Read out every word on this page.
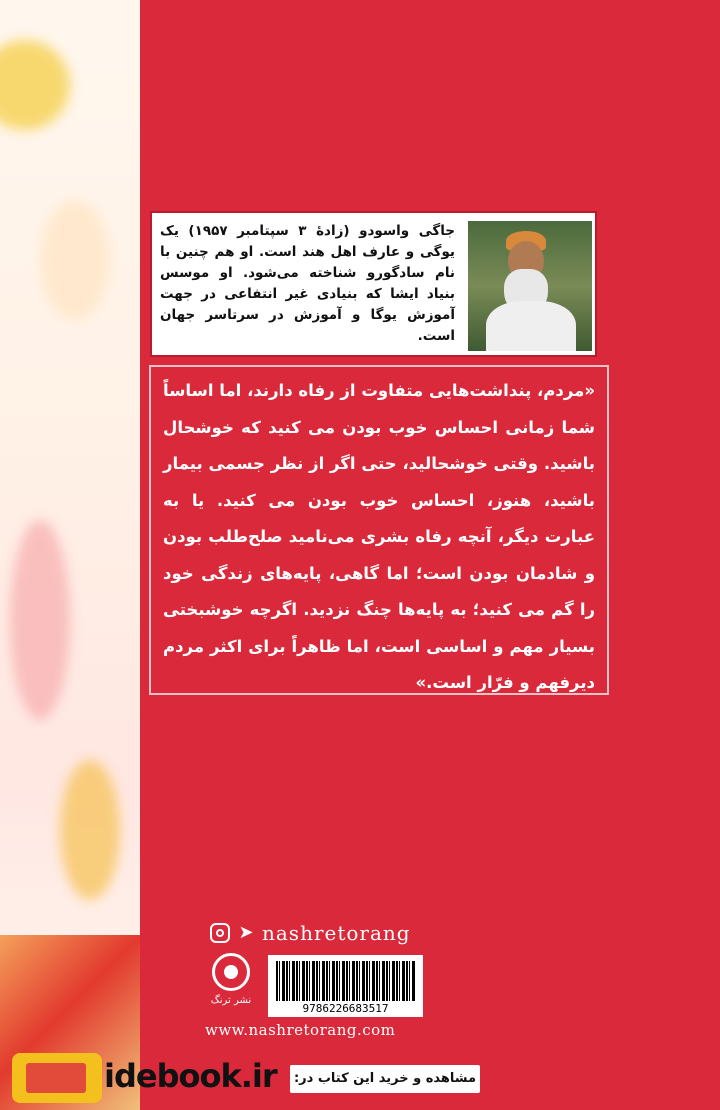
جاگی واسودو (زادهٔ ۳ سپتامبر ۱۹۵۷) یک یوگی و عارف اهل هند است. او هم چنین با نام سادگورو شناخته می‌شود. او موسس بنیاد ایشا که بنیادی غیر انتفاعی در جهت آموزش یوگا و آموزش در سرتاسر جهان است.
«مردم، پنداشت‌هایی متفاوت از رفاه دارند، اما اساساً شما زمانی احساس خوب بودن می کنید که خوشحال باشید. وقتی خوشحالید، حتی اگر از نظر جسمی بیمار باشید، هنوز، احساس خوب بودن می کنید. یا به عبارت دیگر، آنچه رفاه بشری می‌نامید صلح‌طلب بودن و شادمان بودن است؛ اما گاهی، پایه‌های زندگی خود را گم می کنید؛ به پایه‌ها چنگ نزدید. اگرچه خوشبختی بسیار مهم و اساسی است، اما ظاهراً برای اکثر مردم دیرفهم و فرّار است.»
➤ nashretorang
نشر ترنگ
9786226683517
www.nashretorang.com
idebook.ir	مشاهده و خرید این کتاب در:
